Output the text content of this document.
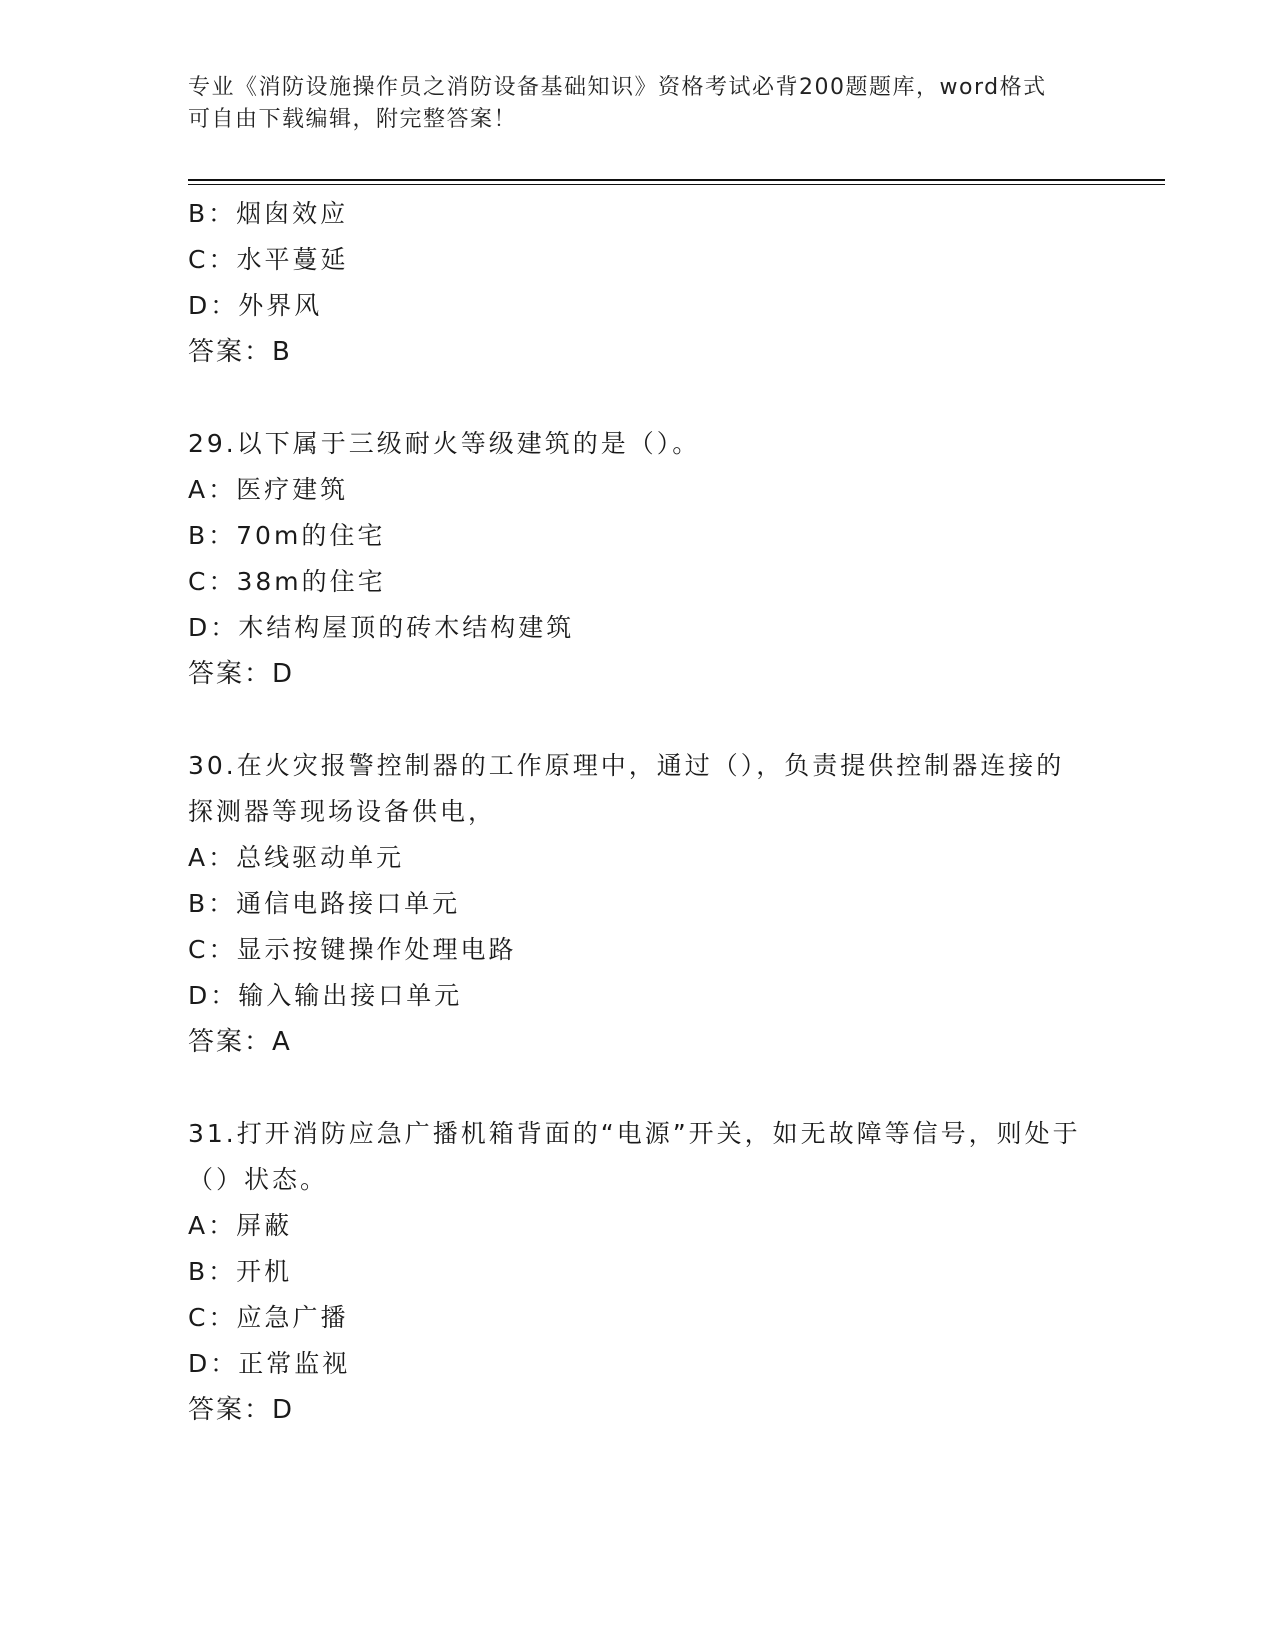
专业《消防设施操作员之消防设备基础知识》资格考试必背200题题库，word格式可自由下载编辑，附完整答案！
B：烟囱效应
C：水平蔓延
D：外界风
答案：B
29.以下属于三级耐火等级建筑的是（）。
A：医疗建筑
B：70m的住宅
C：38m的住宅
D：木结构屋顶的砖木结构建筑
答案：D
30.在火灾报警控制器的工作原理中，通过（），负责提供控制器连接的探测器等现场设备供电，
A：总线驱动单元
B：通信电路接口单元
C：显示按键操作处理电路
D：输入输出接口单元
答案：A
31.打开消防应急广播机箱背面的“电源”开关，如无故障等信号，则处于（）状态。
A：屏蔽
B：开机
C：应急广播
D：正常监视
答案：D
